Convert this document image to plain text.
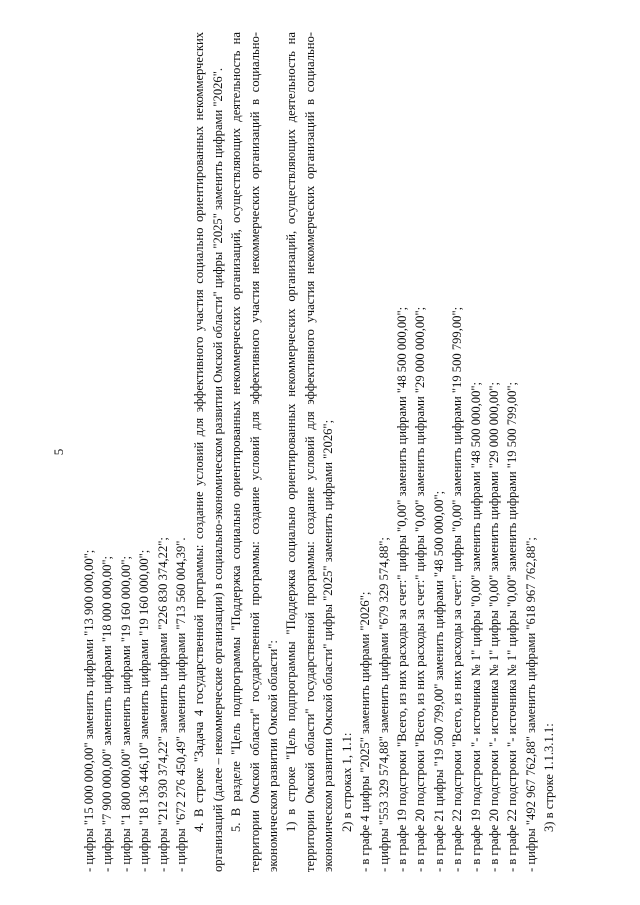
5
- цифры "15 000 000,00" заменить цифрами "13 900 000,00"; - цифры "7 900 000,00" заменить цифрами "18 000 000,00"; - цифры "1 800 000,00" заменить цифрами "19 160 000,00"; - цифры "18 136 446,10" заменить цифрами "19 160 000,00"; - цифры "212 930 374,22" заменить цифрами "226 830 374,22"; - цифры "672 276 450,49" заменить цифрами "713 560 004,39". 4. В строке "Задача 4 государственной программы: создание условий для эффективного участия социально ориентированных некоммерческих организаций (далее – некоммерческие организации) в социально-экономическом развитии Омской области" цифры "2025" заменить цифрами "2026". 5. В разделе "Цель подпрограммы "Поддержка социально ориентированных некоммерческих организаций, осуществляющих деятельность на территории Омской области" государственной программы: создание условий для эффективного участия некоммерческих организаций в социально-экономическом развитии Омской области": 1) в строке "Цель подпрограммы "Поддержка социально ориентированных некоммерческих организаций, осуществляющих деятельность на территории Омской области" государственной программы: создание условий для эффективного участия некоммерческих организаций в социально-экономическом развитии Омской области" цифры "2025" заменить цифрами "2026"; 2) в строках 1, 1.1: - в графе 4 цифры "2025" заменить цифрами "2026"; - цифры "553 329 574,88" заменить цифрами "679 329 574,88"; - в графе 19 подстроки "Всего, из них расходы за счет:" цифры "0,00" заменить цифрами "48 500 000,00"; - в графе 20 подстроки "Всего, из них расходы за счет:" цифры "0,00" заменить цифрами "29 000 000,00"; - в графе 21 цифры "19 500 799,00" заменить цифрами "48 500 000,00"; - в графе 22 подстроки "Всего, из них расходы за счет:" цифры "0,00" заменить цифрами "19 500 799,00"; - в графе 19 подстроки "- источника № 1" цифры "0,00" заменить цифрами "48 500 000,00"; - в графе 20 подстроки "- источника № 1" цифры "0,00" заменить цифрами "29 000 000,00"; - в графе 22 подстроки "- источника № 1" цифры "0,00" заменить цифрами "19 500 799,00"; - цифры "492 967 762,88" заменить цифрами "618 967 762,88"; 3) в строке 1.1.3.1.1:
